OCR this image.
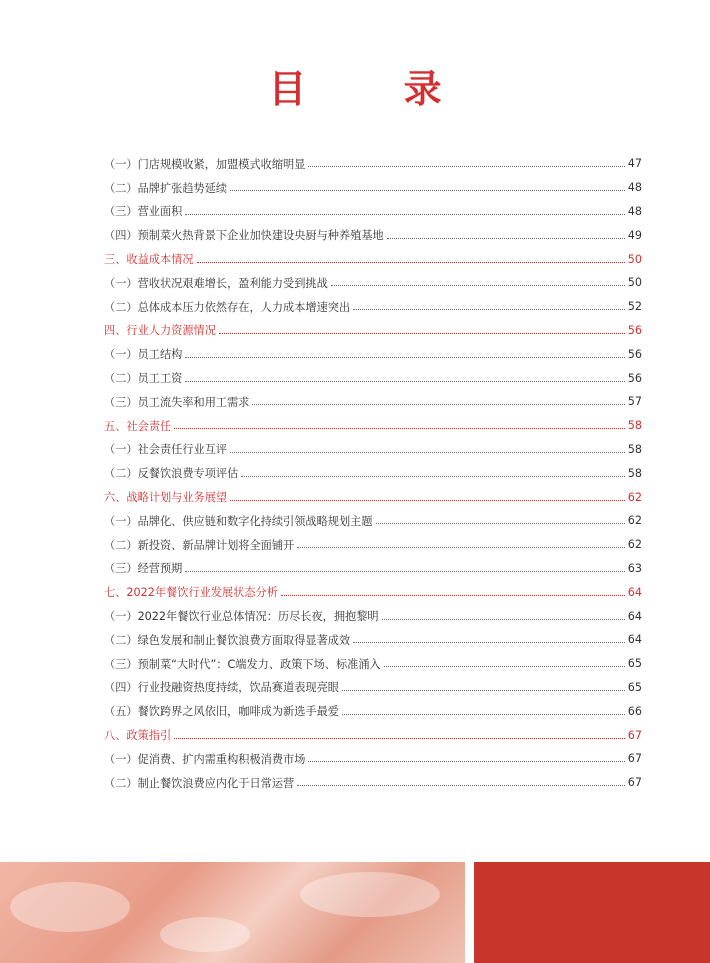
目 录
（一）门店规模收紧，加盟模式收缩明显	47
（二）品牌扩张趋势延续	48
（三）营业面积	48
（四）预制菜火热背景下企业加快建设央厨与种养殖基地	49
三、收益成本情况	50
（一）营收状况艰难增长，盈利能力受到挑战	50
（二）总体成本压力依然存在，人力成本增速突出	52
四、行业人力资源情况	56
（一）员工结构	56
（二）员工工资	56
（三）员工流失率和用工需求	57
五、社会责任	58
（一）社会责任行业互评	58
（二）反餐饮浪费专项评估	58
六、战略计划与业务展望	62
（一）品牌化、供应链和数字化持续引领战略规划主题	62
（二）新投资、新品牌计划将全面铺开	62
（三）经营预期	63
七、2022年餐饮行业发展状态分析	64
（一）2022年餐饮行业总体情况：历尽长夜，拥抱黎明	64
（二）绿色发展和制止餐饮浪费方面取得显著成效	64
（三）预制菜“大时代”：C端发力、政策下场、标准涌入	65
（四）行业投融资热度持续，饮品赛道表现亮眼	65
（五）餐饮跨界之风依旧，咖啡成为新选手最爱	66
八、政策指引	67
（一）促消费、扩内需重构积极消费市场	67
（二）制止餐饮浪费应内化于日常运营	67
